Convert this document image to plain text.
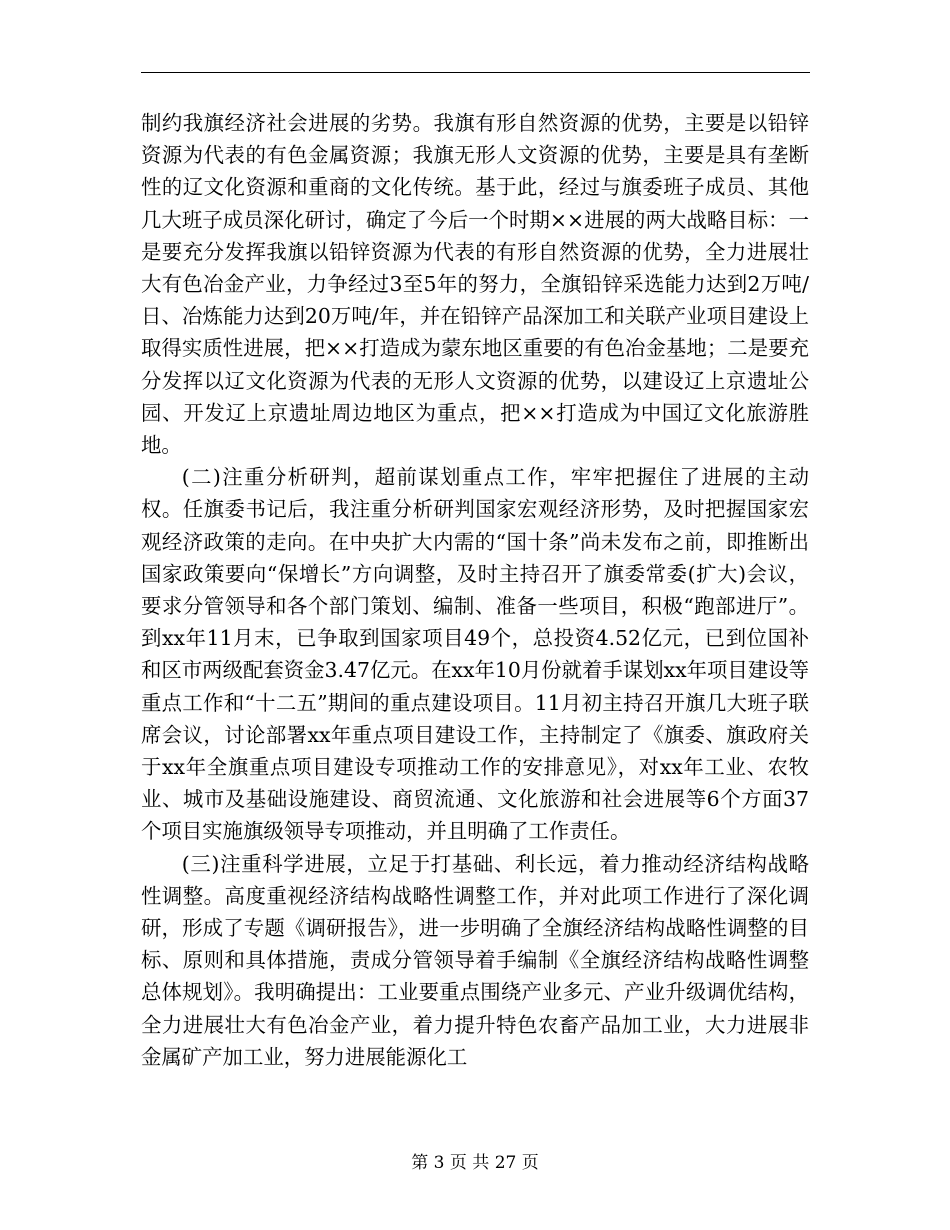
制约我旗经济社会进展的劣势。我旗有形自然资源的优势，主要是以铅锌资源为代表的有色金属资源；我旗无形人文资源的优势，主要是具有垄断性的辽文化资源和重商的文化传统。基于此，经过与旗委班子成员、其他几大班子成员深化研讨，确定了今后一个时期××进展的两大战略目标：一是要充分发挥我旗以铅锌资源为代表的有形自然资源的优势，全力进展壮大有色冶金产业，力争经过3至5年的努力，全旗铅锌采选能力达到2万吨/日、冶炼能力达到20万吨/年，并在铅锌产品深加工和关联产业项目建设上取得实质性进展，把××打造成为蒙东地区重要的有色冶金基地；二是要充分发挥以辽文化资源为代表的无形人文资源的优势，以建设辽上京遗址公园、开发辽上京遗址周边地区为重点，把××打造成为中国辽文化旅游胜地。

(二)注重分析研判，超前谋划重点工作，牢牢把握住了进展的主动权。任旗委书记后，我注重分析研判国家宏观经济形势，及时把握国家宏观经济政策的走向。在中央扩大内需的“国十条”尚未发布之前，即推断出国家政策要向“保增长”方向调整，及时主持召开了旗委常委(扩大)会议，要求分管领导和各个部门策划、编制、准备一些项目，积极“跑部进厅”。到xx年11月末，已争取到国家项目49个，总投资4.52亿元，已到位国补和区市两级配套资金3.47亿元。在xx年10月份就着手谋划xx年项目建设等重点工作和“十二五”期间的重点建设项目。11月初主持召开旗几大班子联席会议，讨论部署xx年重点项目建设工作，主持制定了《旗委、旗政府关于xx年全旗重点项目建设专项推动工作的安排意见》，对xx年工业、农牧业、城市及基础设施建设、商贸流通、文化旅游和社会进展等6个方面37个项目实施旗级领导专项推动，并且明确了工作责任。

(三)注重科学进展，立足于打基础、利长远，着力推动经济结构战略性调整。高度重视经济结构战略性调整工作，并对此项工作进行了深化调研，形成了专题《调研报告》，进一步明确了全旗经济结构战略性调整的目标、原则和具体措施，责成分管领导着手编制《全旗经济结构战略性调整总体规划》。我明确提出：工业要重点围绕产业多元、产业升级调优结构，全力进展壮大有色冶金产业，着力提升特色农畜产品加工业，大力进展非金属矿产加工业，努力进展能源化工

第 3 页 共 27 页
